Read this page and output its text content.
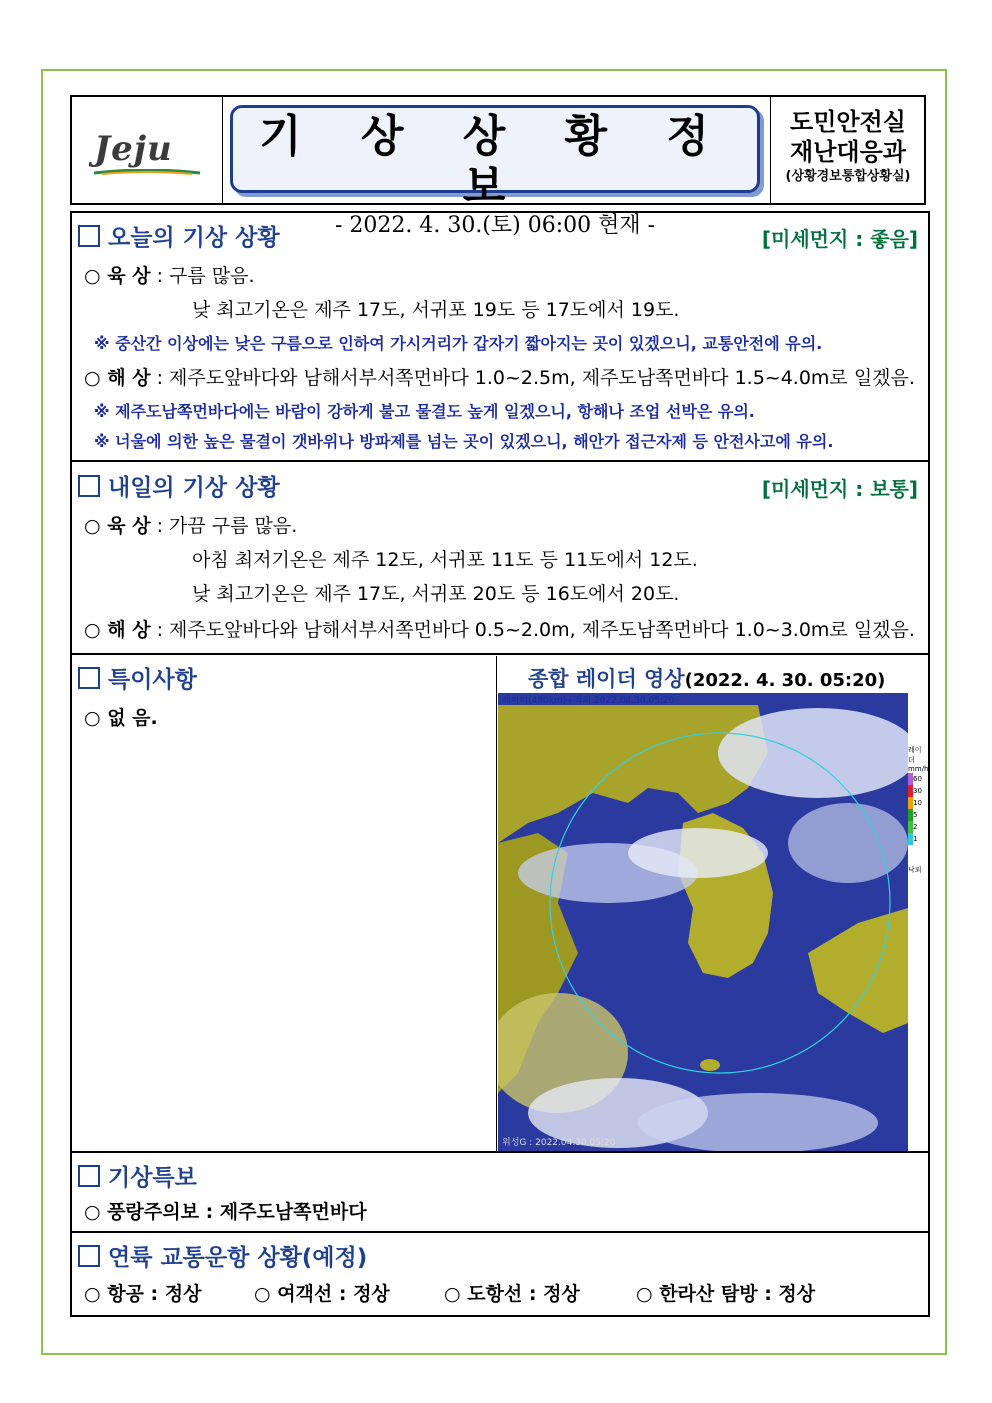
Jeju	기 상 상 황 정 보
- 2022. 4. 30.(토) 06:00 현재 -
도민안전실
재난대응과
(상황경보통합상황실)
오늘의 기상 상황	[미세먼지 : 좋음]
○ 육 상 : 구름 많음.
낮 최고기온은 제주 17도, 서귀포 19도 등 17도에서 19도.
※ 중산간 이상에는 낮은 구름으로 인하여 가시거리가 갑자기 짧아지는 곳이 있겠으니, 교통안전에 유의.
○ 해 상 : 제주도앞바다와 남해서부서쪽먼바다 1.0~2.5m, 제주도남쪽먼바다 1.5~4.0m로 일겠음.
※ 제주도남쪽먼바다에는 바람이 강하게 불고 물결도 높게 일겠으니, 항해나 조업 선박은 유의.
※ 너울에 의한 높은 물결이 갯바위나 방파제를 넘는 곳이 있겠으니, 해안가 접근자제 등 안전사고에 유의.
내일의 기상 상황	[미세먼지 : 보통]
○ 육 상 : 가끔 구름 많음.
아침 최저기온은 제주 12도, 서귀포 11도 등 11도에서 12도.
낮 최고기온은 제주 17도, 서귀포 20도 등 16도에서 20도.
○ 해 상 : 제주도앞바다와 남해서부서쪽먼바다 0.5~2.0m, 제주도남쪽먼바다 1.0~3.0m로 일겠음.
특이사항
○ 없 음.
종합 레이더 영상(2022. 4. 30. 05:20)
레이더(480km)+적외 2022.04.30.05:20
위성G : 2022.04.30.05:20
레이더
mm/h
60
30
10
5
2
1
낙뢰
기상특보
○ 풍랑주의보 : 제주도남쪽먼바다
연륙 교통운항 상황(예정)
○ 항공 : 정상	○ 여객선 : 정상	○ 도항선 : 정상	○ 한라산 탐방 : 정상
